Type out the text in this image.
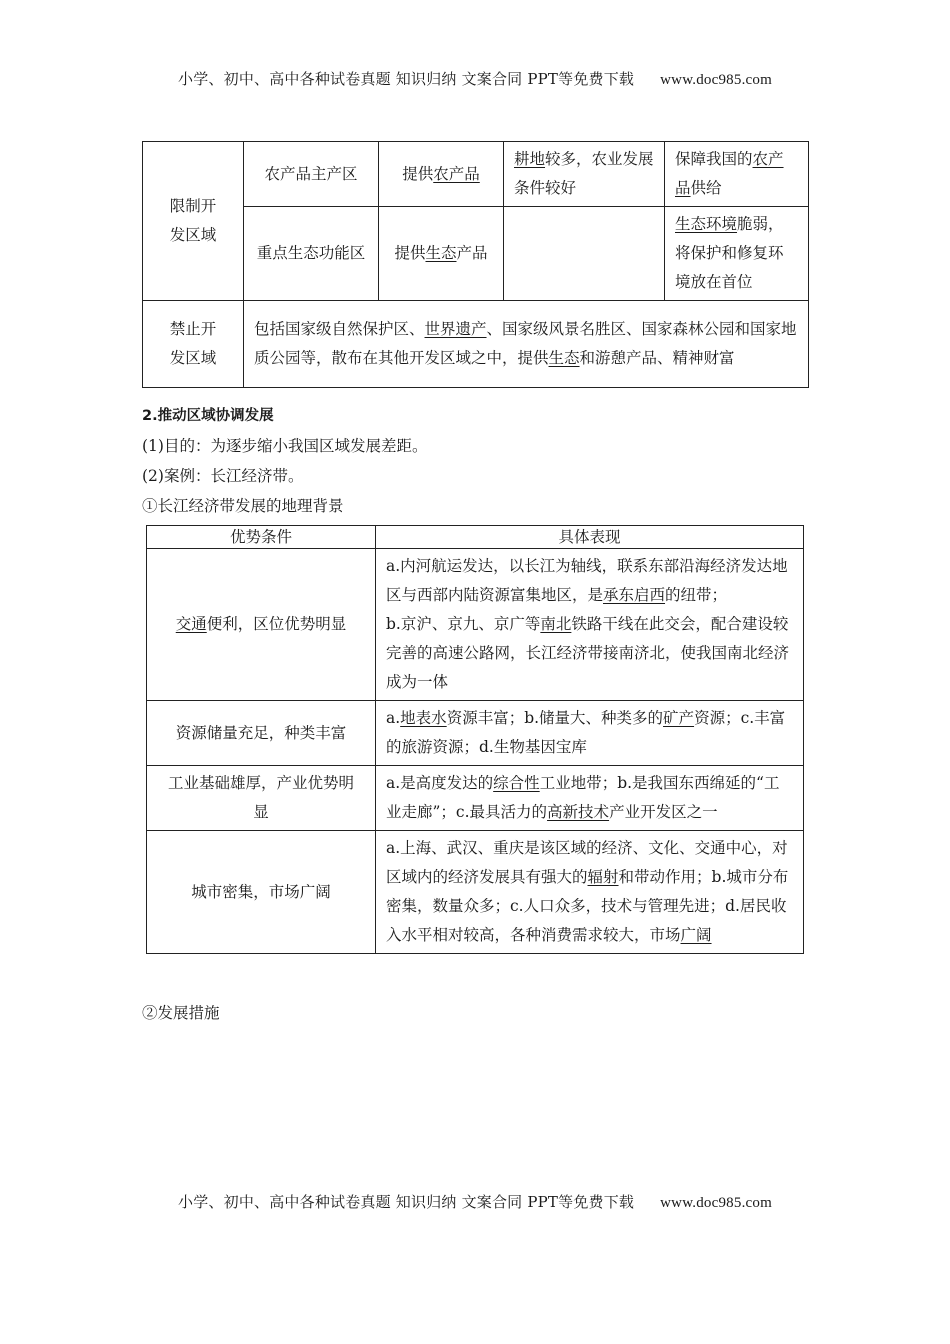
小学、初中、高中各种试卷真题 知识归纳 文案合同 PPT等免费下载 www.doc985.com
限制开发区域	农产品主产区	提供农产品	耕地较多，农业发展条件较好	保障我国的农产品供给
	重点生态功能区	提供生态产品		生态环境脆弱，将保护和修复环境放在首位
禁止开发区域	包括国家级自然保护区、世界遗产、国家级风景名胜区、国家森林公园和国家地质公园等，散布在其他开发区域之中，提供生态和游憩产品、精神财富			
2.推动区域协调发展
(1)目的：为逐步缩小我国区域发展差距。
(2)案例：长江经济带。
①长江经济带发展的地理背景
优势条件	具体表现
交通便利，区位优势明显	a.内河航运发达，以长江为轴线，联系东部沿海经济发达地区与西部内陆资源富集地区，是承东启西的纽带；
b.京沪、京九、京广等南北铁路干线在此交会，配合建设较完善的高速公路网，长江经济带接南济北，使我国南北经济成为一体
资源储量充足，种类丰富	a.地表水资源丰富；b.储量大、种类多的矿产资源；c.丰富的旅游资源；d.生物基因宝库
工业基础雄厚，产业优势明显	a.是高度发达的综合性工业地带；b.是我国东西绵延的“工业走廊”；c.最具活力的高新技术产业开发区之一
城市密集，市场广阔	a.上海、武汉、重庆是该区域的经济、文化、交通中心，对区域内的经济发展具有强大的辐射和带动作用；b.城市分布密集，数量众多；c.人口众多，技术与管理先进；d.居民收入水平相对较高，各种消费需求较大，市场广阔
②发展措施
小学、初中、高中各种试卷真题 知识归纳 文案合同 PPT等免费下载 www.doc985.com
